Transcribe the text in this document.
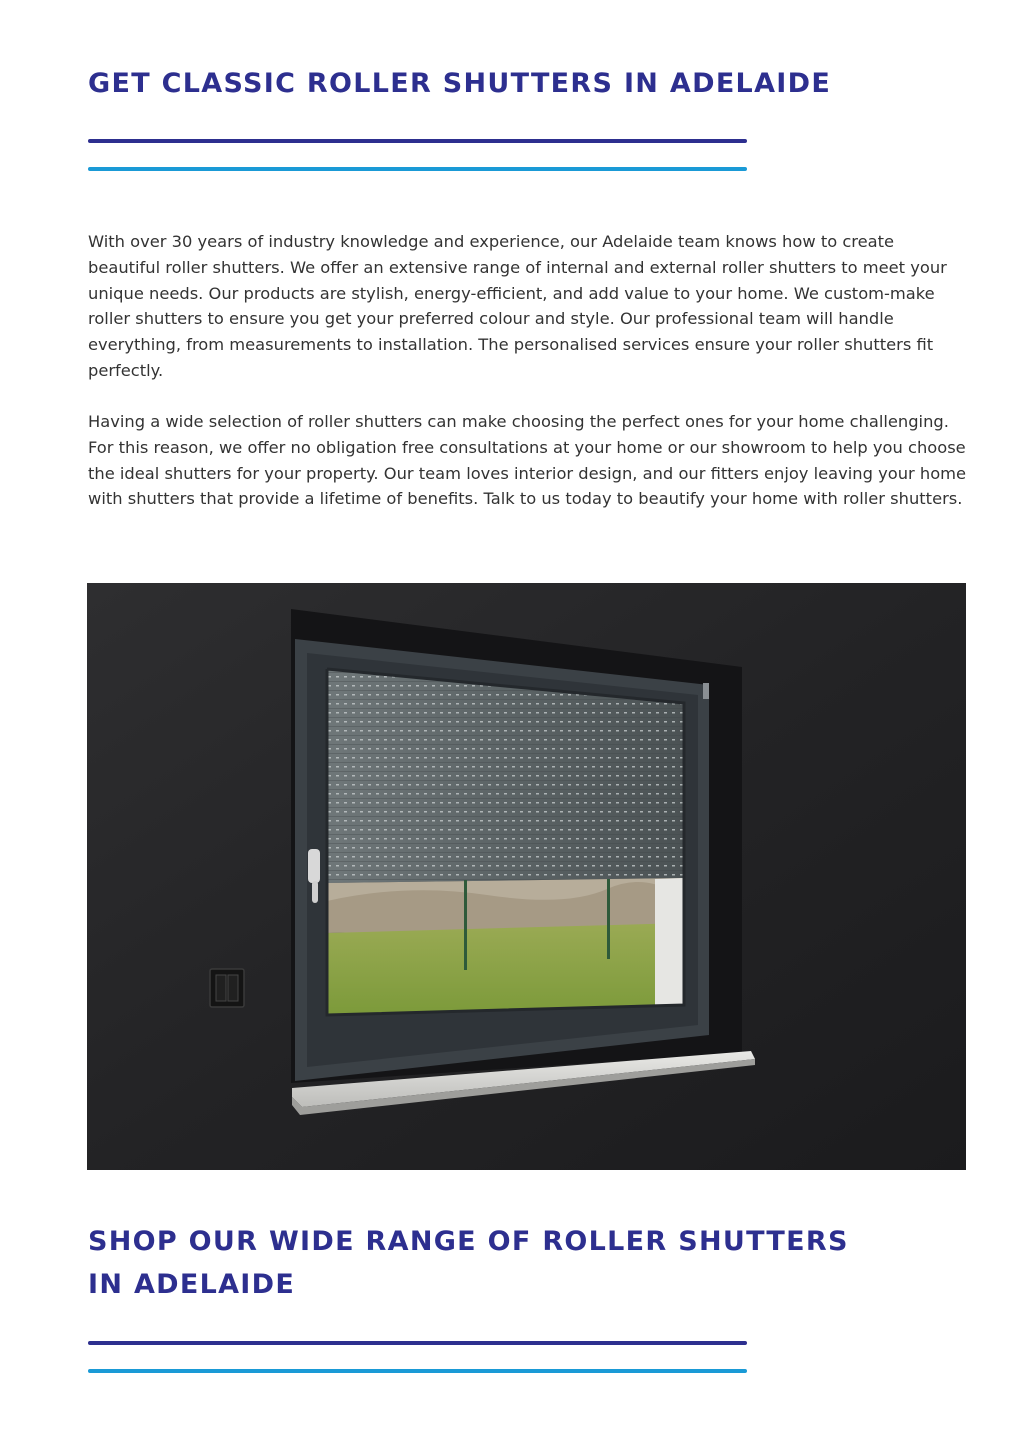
GET CLASSIC ROLLER SHUTTERS IN ADELAIDE

With over 30 years of industry knowledge and experience, our Adelaide team knows how to create beautiful roller shutters. We offer an extensive range of internal and external roller shutters to meet your unique needs. Our products are stylish, energy-efficient, and add value to your home. We custom-make roller shutters to ensure you get your preferred colour and style. Our professional team will handle everything, from measurements to installation. The personalised services ensure your roller shutters fit perfectly.

Having a wide selection of roller shutters can make choosing the perfect ones for your home challenging. For this reason, we offer no obligation free consultations at your home or our showroom to help you choose the ideal shutters for your property. Our team loves interior design, and our fitters enjoy leaving your home with shutters that provide a lifetime of benefits. Talk to us today to beautify your home with roller shutters.

SHOP OUR WIDE RANGE OF ROLLER SHUTTERS IN ADELAIDE
